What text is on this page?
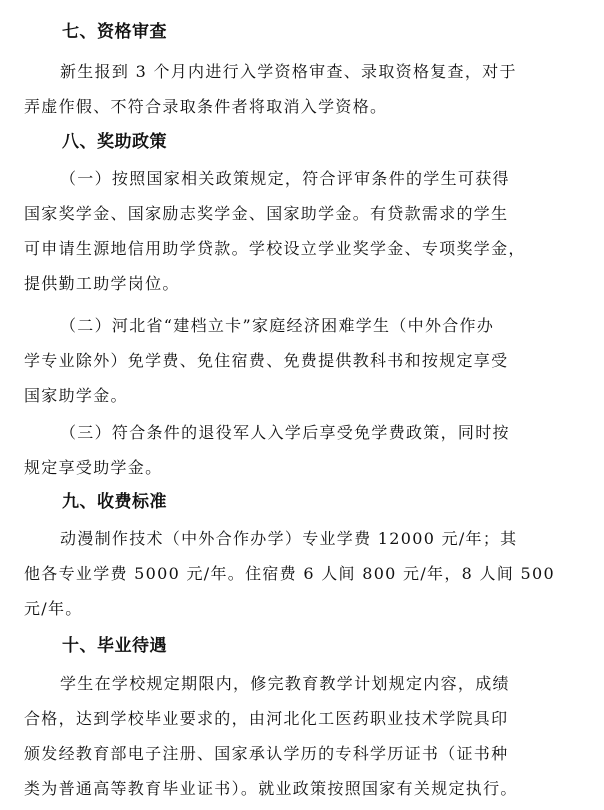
七、资格审查
新生报到 3 个月内进行入学资格审查、录取资格复查，对于
弄虚作假、不符合录取条件者将取消入学资格。
八、奖助政策
（一）按照国家相关政策规定，符合评审条件的学生可获得
国家奖学金、国家励志奖学金、国家助学金。有贷款需求的学生
可申请生源地信用助学贷款。学校设立学业奖学金、专项奖学金，
提供勤工助学岗位。
（二）河北省“建档立卡”家庭经济困难学生（中外合作办
学专业除外）免学费、免住宿费、免费提供教科书和按规定享受
国家助学金。
（三）符合条件的退役军人入学后享受免学费政策，同时按
规定享受助学金。
九、收费标准
动漫制作技术（中外合作办学）专业学费 12000 元/年；其
他各专业学费 5000 元/年。住宿费 6 人间 800 元/年，8 人间 500
元/年。
十、毕业待遇
学生在学校规定期限内，修完教育教学计划规定内容，成绩
合格，达到学校毕业要求的，由河北化工医药职业技术学院具印
颁发经教育部电子注册、国家承认学历的专科学历证书（证书种
类为普通高等教育毕业证书）。就业政策按照国家有关规定执行。
